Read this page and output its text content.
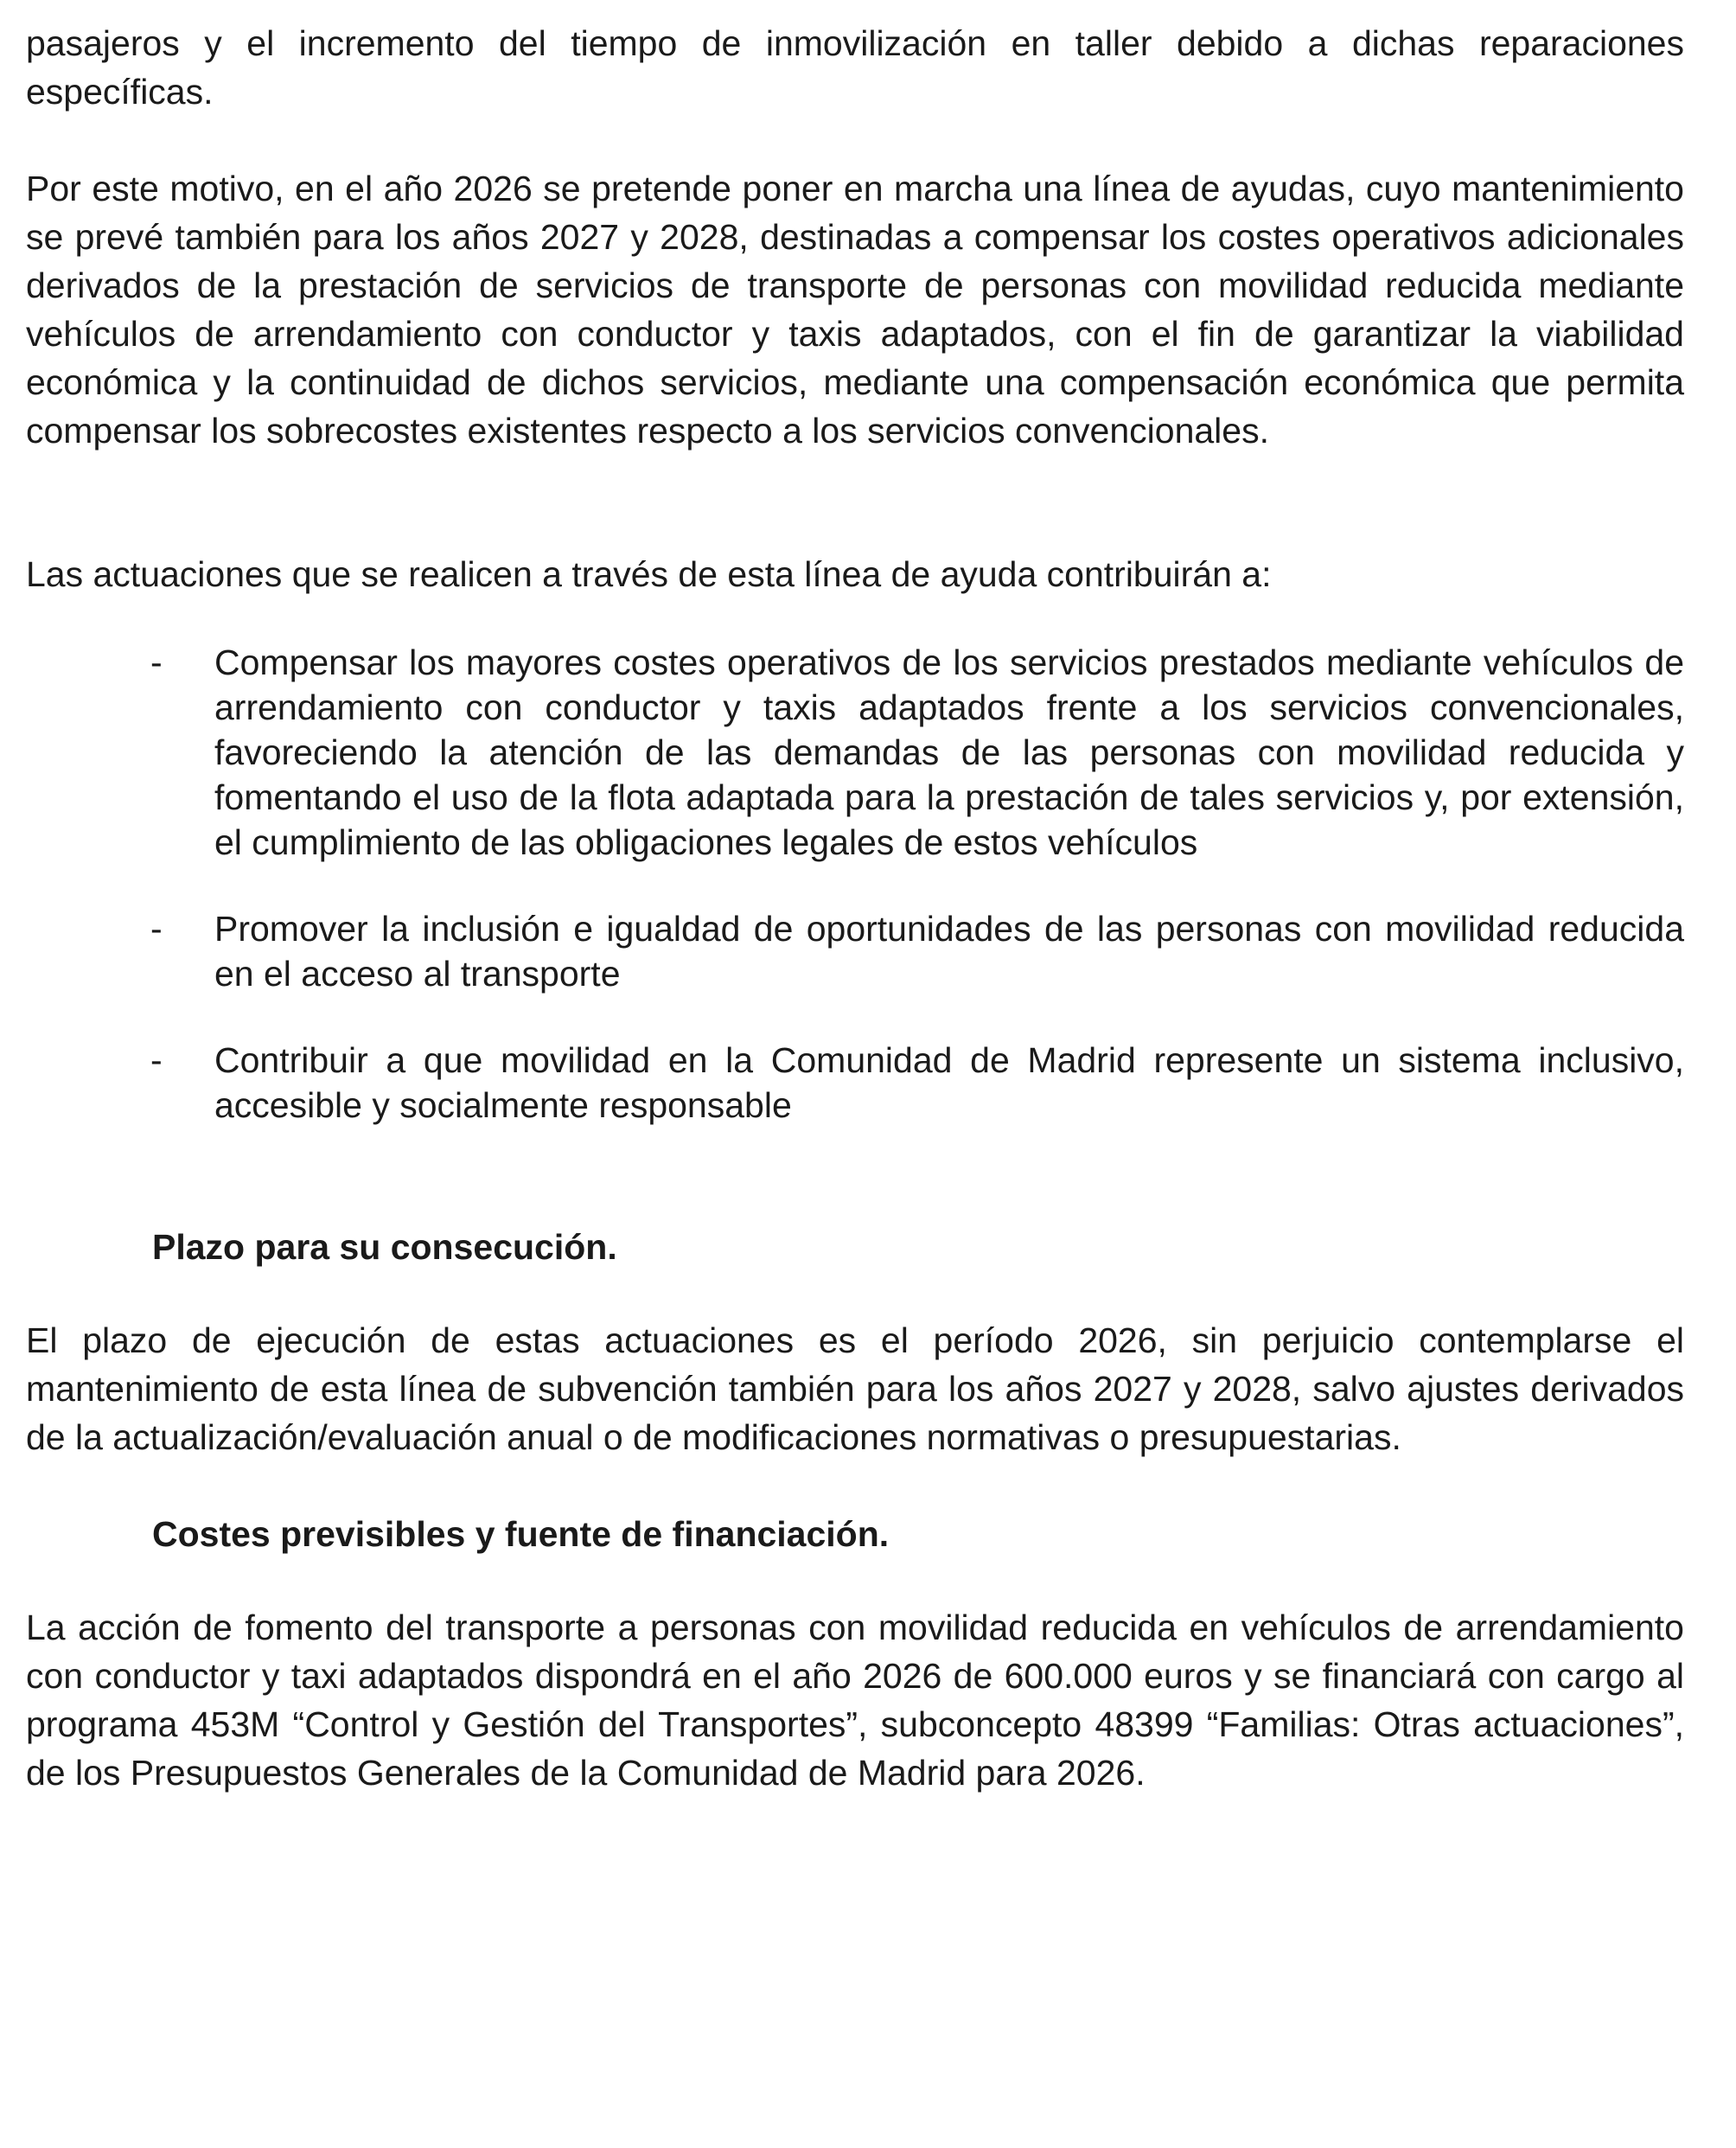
pasajeros y el incremento del tiempo de inmovilización en taller debido a dichas reparaciones específicas.

Por este motivo, en el año 2026 se pretende poner en marcha una línea de ayudas, cuyo mantenimiento se prevé también para los años 2027 y 2028, destinadas a compensar los costes operativos adicionales derivados de la prestación de servicios de transporte de personas con movilidad reducida mediante vehículos de arrendamiento con conductor y taxis adaptados, con el fin de garantizar la viabilidad económica y la continuidad de dichos servicios, mediante una compensación económica que permita compensar los sobrecostes existentes respecto a los servicios convencionales.

Las actuaciones que se realicen a través de esta línea de ayuda contribuirán a:

- Compensar los mayores costes operativos de los servicios prestados mediante vehículos de arrendamiento con conductor y taxis adaptados frente a los servicios convencionales, favoreciendo la atención de las demandas de las personas con movilidad reducida y fomentando el uso de la flota adaptada para la prestación de tales servicios y, por extensión, el cumplimiento de las obligaciones legales de estos vehículos
- Promover la inclusión e igualdad de oportunidades de las personas con movilidad reducida en el acceso al transporte
- Contribuir a que movilidad en la Comunidad de Madrid represente un sistema inclusivo, accesible y socialmente responsable
Plazo para su consecución.

El plazo de ejecución de estas actuaciones es el período 2026, sin perjuicio contemplarse el mantenimiento de esta línea de subvención también para los años 2027 y 2028, salvo ajustes derivados de la actualización/evaluación anual o de modificaciones normativas o presupuestarias.

Costes previsibles y fuente de financiación.

La acción de fomento del transporte a personas con movilidad reducida en vehículos de arrendamiento con conductor y taxi adaptados dispondrá en el año 2026 de 600.000 euros y se financiará con cargo al programa 453M “Control y Gestión del Transportes”, subconcepto 48399 “Familias: Otras actuaciones”, de los Presupuestos Generales de la Comunidad de Madrid para 2026.
